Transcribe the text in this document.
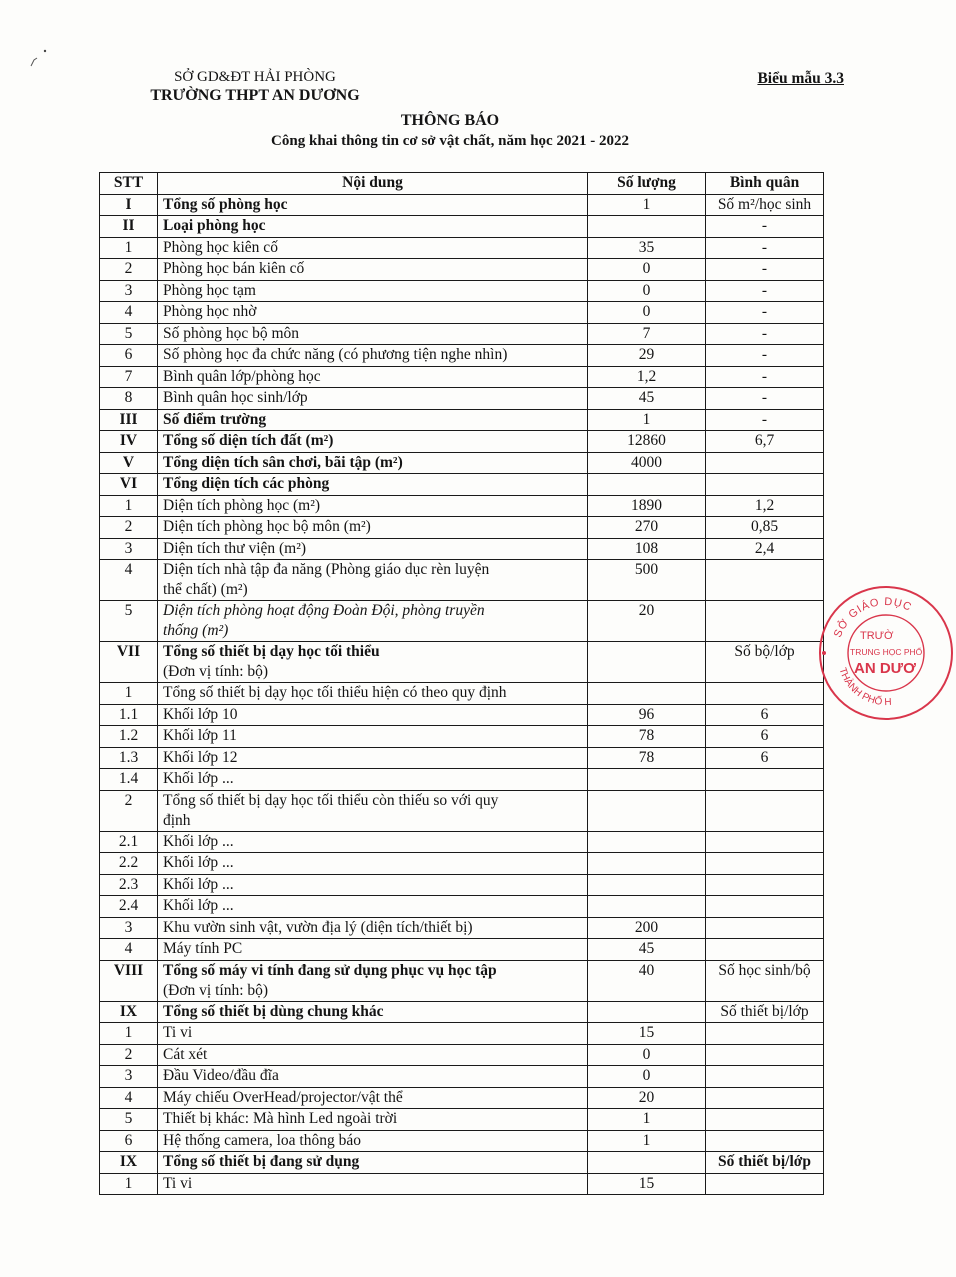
SỞ GD&ĐT HẢI PHÒNG
TRƯỜNG THPT AN DƯƠNG
Biểu mẫu 3.3
THÔNG BÁO
Công khai thông tin cơ sở vật chất, năm học 2021 - 2022
STT	Nội dung	Số lượng	Bình quân
I	Tổng số phòng học	1	Số m²/học sinh
II	Loại phòng học		-
1	Phòng học kiên cố	35	-
2	Phòng học bán kiên cố	0	-
3	Phòng học tạm	0	-
4	Phòng học nhờ	0	-
5	Số phòng học bộ môn	7	-
6	Số phòng học đa chức năng (có phương tiện nghe nhìn)	29	-
7	Bình quân lớp/phòng học	1,2	-
8	Bình quân học sinh/lớp	45	-
III	Số điểm trường	1	-
IV	Tổng số diện tích đất (m²)	12860	6,7
V	Tổng diện tích sân chơi, bãi tập (m²)	4000	
VI	Tổng diện tích các phòng		

1	Diện tích phòng học (m²)	1890	1,2
2	Diện tích phòng học bộ môn (m²)	270	0,85
3	Diện tích thư viện (m²)	108	2,4
4	Diện tích nhà tập đa năng (Phòng giáo dục rèn luyện
thể chất) (m²)	500	
5	Diện tích phòng hoạt động Đoàn Đội, phòng truyền
thống (m²)	20	
VII	Tổng số thiết bị dạy học tối thiểu
(Đơn vị tính: bộ)		Số bộ/lớp
1	Tổng số thiết bị dạy học tối thiểu hiện có theo quy định		

1.1	Khối lớp 10	96	6
1.2	Khối lớp 11	78	6
1.3	Khối lớp 12	78	6
1.4	Khối lớp ...		

2	Tổng số thiết bị dạy học tối thiểu còn thiếu so với quy
định		

2.1	Khối lớp ...		

2.2	Khối lớp ...		

2.3	Khối lớp ...		

2.4	Khối lớp ...		

3	Khu vườn sinh vật, vườn địa lý (diện tích/thiết bị)	200	
4	Máy tính PC	45	
VIII	Tổng số máy vi tính đang sử dụng phục vụ học tập
(Đơn vị tính: bộ)	40	Số học sinh/bộ
IX	Tổng số thiết bị dùng chung khác		Số thiết bị/lớp
1	Ti vi	15	
2	Cát xét	0	
3	Đầu Video/đầu đĩa	0	
4	Máy chiếu OverHead/projector/vật thể	20	
5	Thiết bị khác: Mà hình Led ngoài trời	1	
6	Hệ thống camera, loa thông báo	1	
IX	Tổng số thiết bị đang sử dụng		Số thiết bị/lớp
1	Ti vi	15	
SỞ GIÁO DỤC
THÀNH PHỐ H
TRƯỜ
TRUNG HỌC PHỔ
AN DƯƠ
